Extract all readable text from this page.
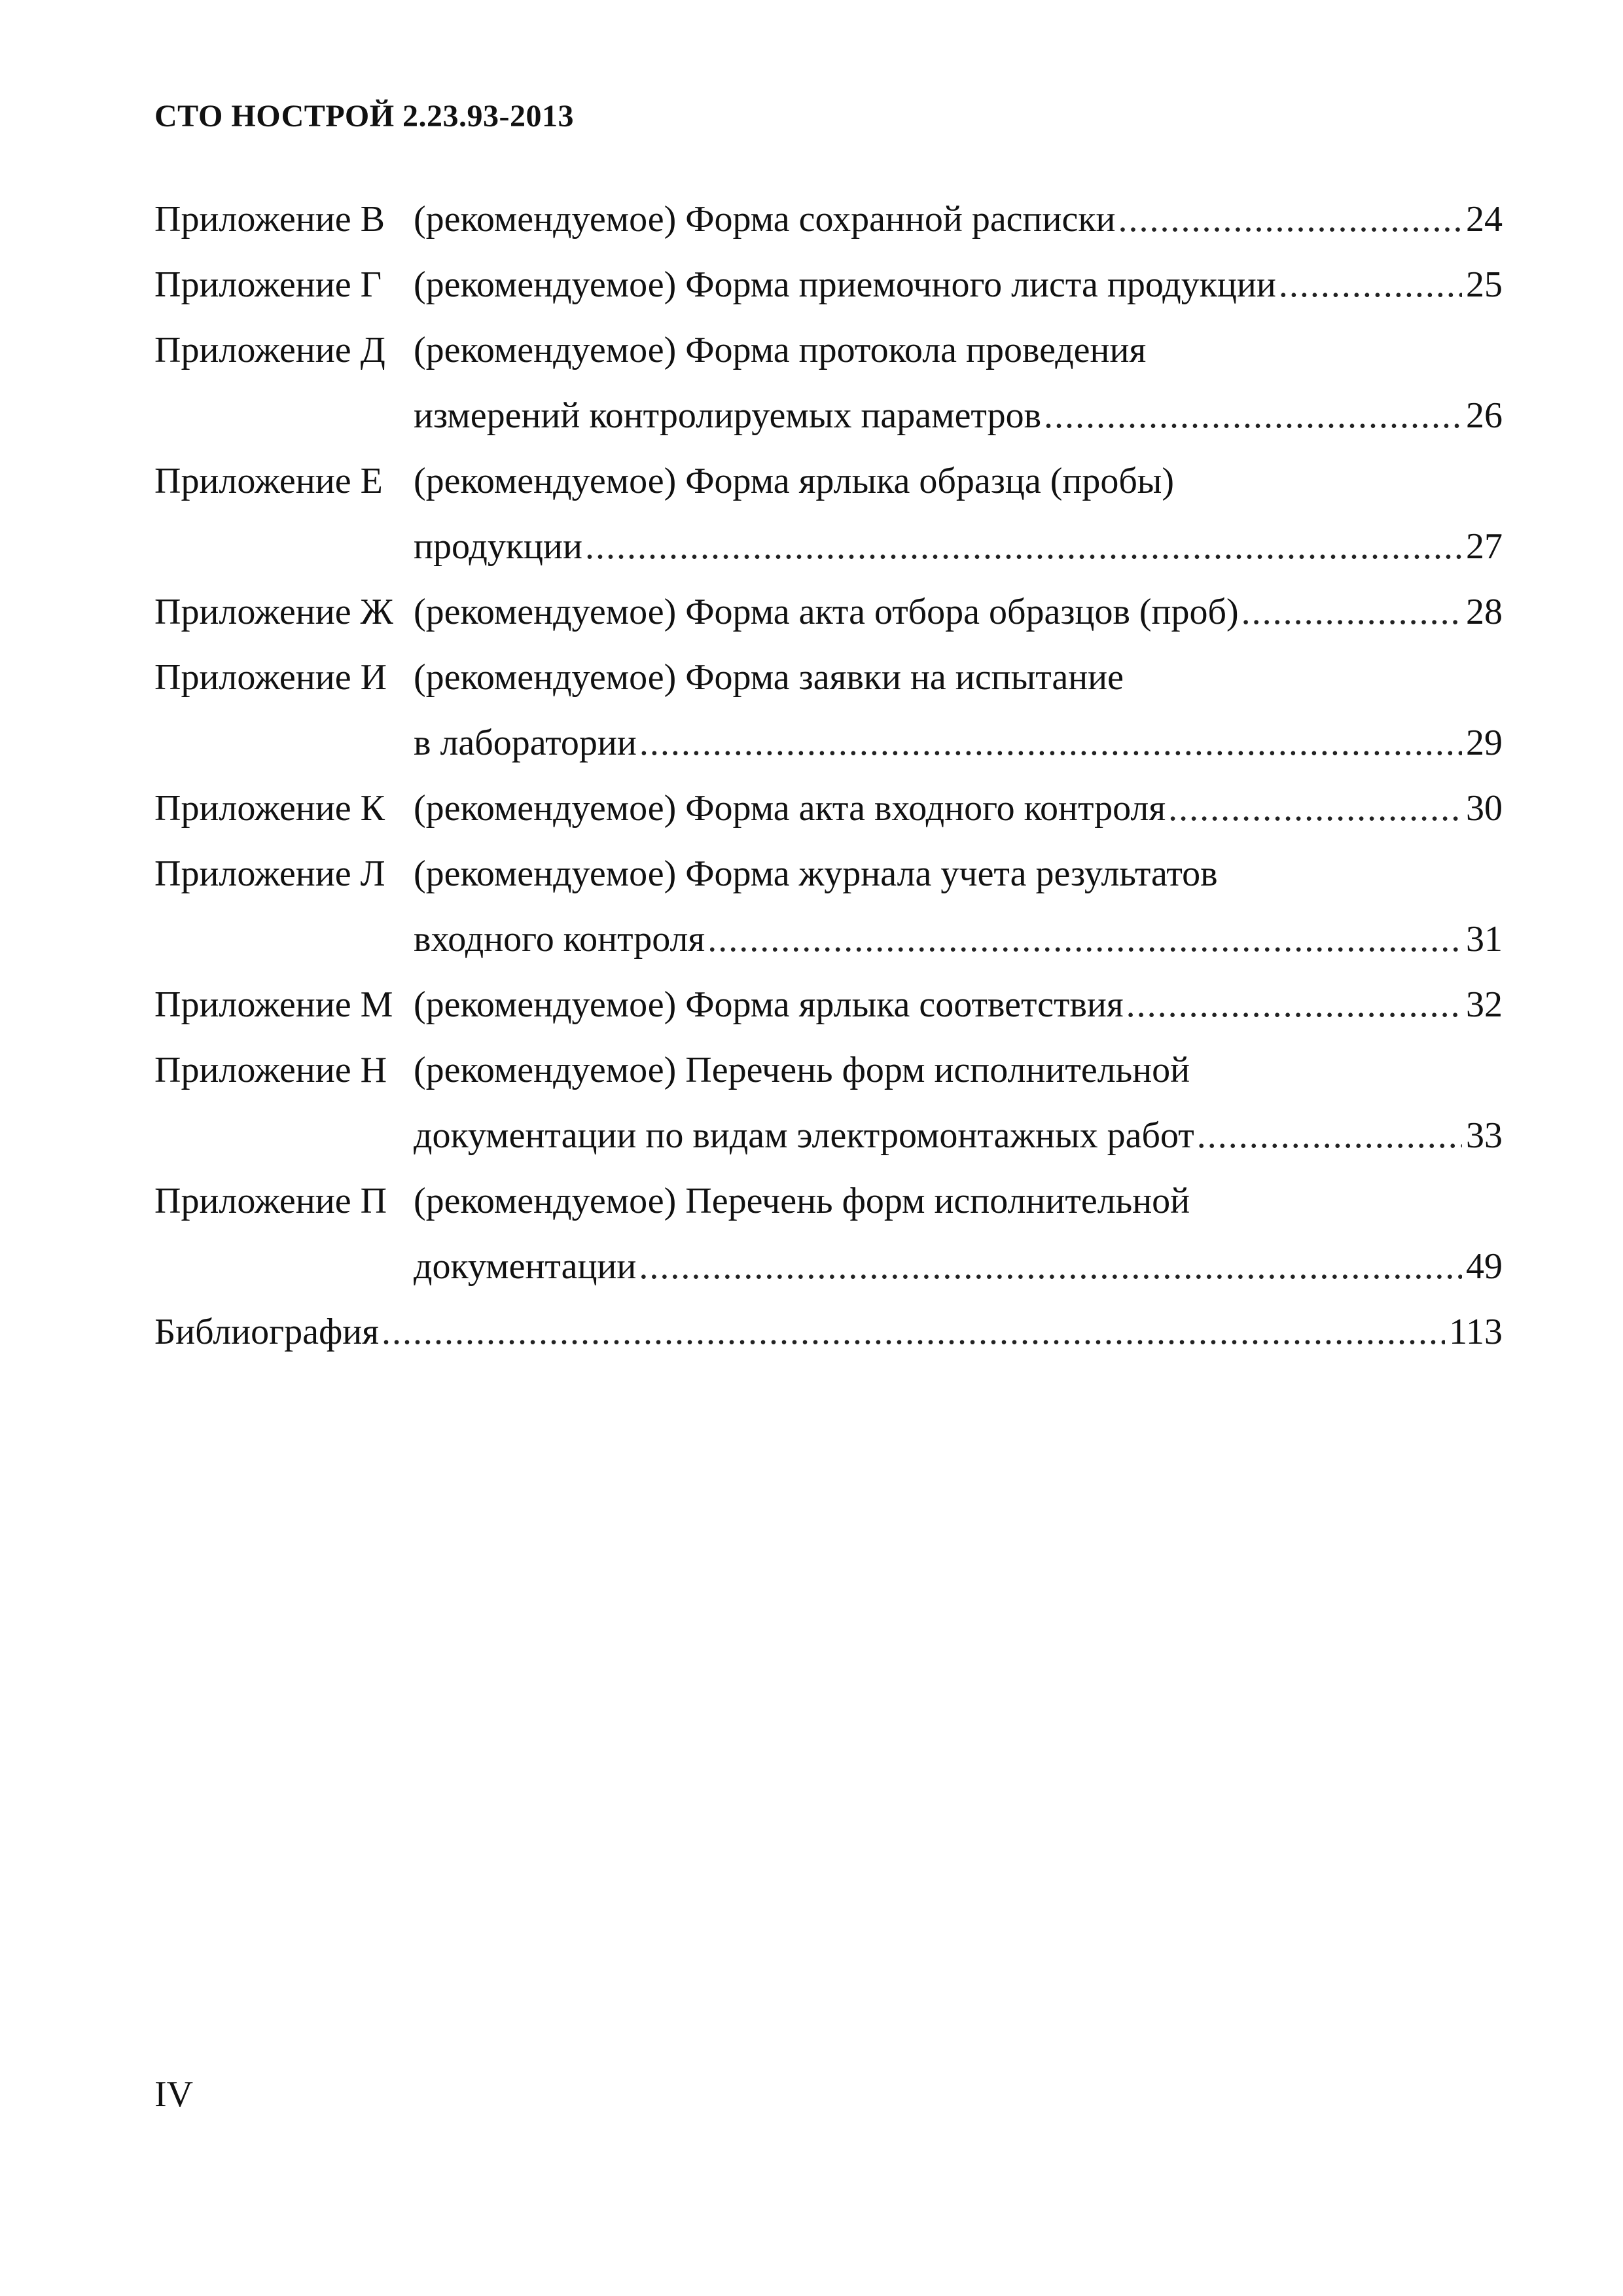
СТО НОСТРОЙ 2.23.93-2013
Приложение В (рекомендуемое) Форма сохранной расписки .....	24
Приложение Г (рекомендуемое) Форма приемочного листа продукции .....	25
Приложение Д (рекомендуемое) Форма протокола проведения
измерений контролируемых параметров .....	26
Приложение Е (рекомендуемое) Форма ярлыка образца (пробы)
продукции .....	27
Приложение Ж (рекомендуемое) Форма акта отбора образцов (проб) .....	28
Приложение И (рекомендуемое) Форма заявки на испытание
в лаборатории .....	29
Приложение К (рекомендуемое) Форма акта входного контроля .....	30
Приложение Л (рекомендуемое) Форма журнала учета результатов
входного контроля .....	31
Приложение М (рекомендуемое) Форма ярлыка соответствия .....	32
Приложение Н (рекомендуемое) Перечень форм исполнительной
документации по видам электромонтажных работ .....	33
Приложение П (рекомендуемое) Перечень форм исполнительной
документации .....	49
Библиография .....	113
IV
